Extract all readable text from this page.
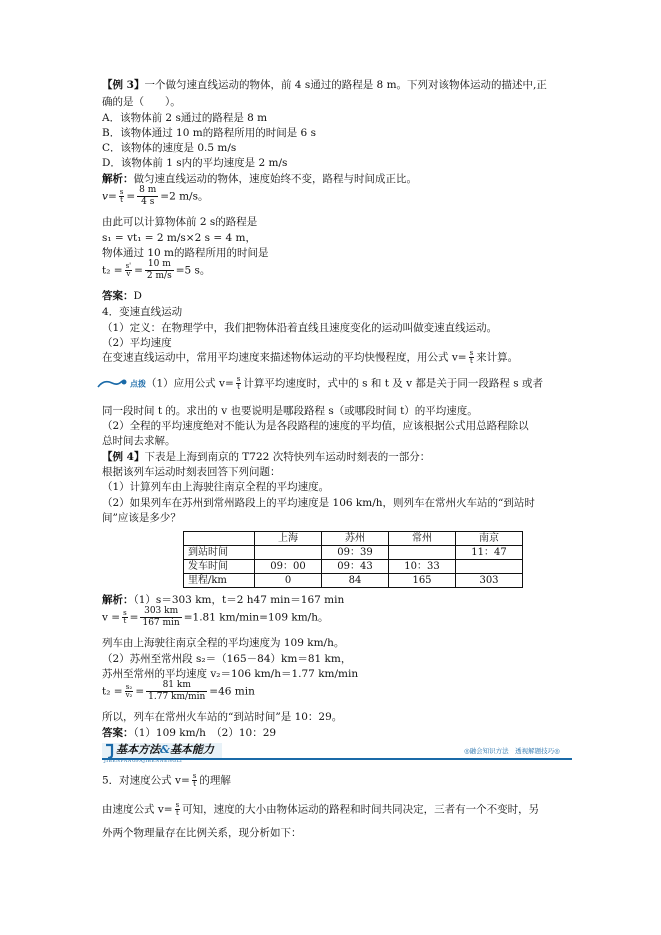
【例 3】一个做匀速直线运动的物体，前 4 s通过的路程是 8 m。下列对该物体运动的描述中,正
确的是（　　）。
A．该物体前 2 s通过的路程是 8 m
B．该物体通过 10 m的路程所用的时间是 6 s
C．该物体的速度是 0.5 m/s
D．该物体前 1 s内的平均速度是 2 m/s
解析：做匀速直线运动的物体，速度始终不变，路程与时间成正比。
$v= \frac{s}{t} = \frac{8 m}{4 s} =2$ m/s。
由此可以计算物体前 2 s的路程是
s₁ = vt₁ = 2 m/s×2 s = 4 m，
物体通过 10 m的路程所用的时间是
$t_2 = \frac{s'}{v} = \frac{10 m}{2 m/s} =5$ s。
答案：D
4．变速直线运动
（1）定义：在物理学中，我们把物体沿着直线且速度变化的运动叫做变速直线运动。
（2）平均速度
在变速直线运动中，常用平均速度来描述物体运动的平均快慢程度，用公式 $v= \frac{s}{t}$ 来计算。
点拨（1）应用公式 $v= \frac{s}{t}$ 计算平均速度时，式中的 s 和 t 及 v 都是关于同一段路程 s 或者
同一段时间 t 的。求出的 v 也要说明是哪段路程 s（或哪段时间 t）的平均速度。
（2）全程的平均速度绝对不能认为是各段路程的速度的平均值，应该根据公式用总路程除以
总时间去求解。
【例 4】下表是上海到南京的 T722 次特快列车运动时刻表的一部分：
根据该列车运动时刻表回答下列问题：
（1）计算列车由上海驶往南京全程的平均速度。
（2）如果列车在苏州到常州路段上的平均速度是 106 km/h，则列车在常州火车站的“到站时
间”应该是多少？
	上海	苏州	常州	南京
到站时间		09：39		11：47
发车时间	09：00	09：43	10：33	
里程/km	0	84	165	303
解析：（1）s＝303 km，t＝2 h47 min＝167 min
$v = \frac{s}{t} = \frac{303 km}{167 \min} =1.81$ km/min=109 km/h。
列车由上海驶往南京全程的平均速度为 109 km/h。
（2）苏州至常州段 s₂＝（165－84）km＝81 km，
苏州至常州的平均速度 v₂＝106 km/h＝1.77 km/min
$t_2 = \frac{\text{s₂}}{\text{v₂}} = \frac{81 km}{1.77 km/\min} =46$ min
所以，列车在常州火车站的“到站时间”是 10：29。
答案：（1）109 km/h　（2）10：29
基本方法&基本能力
JIBENFANGFAJIBENNENGLI
◎融会知识方法　透视解题技巧◎
5．对速度公式 $v= \frac{s}{t}$ 的理解
由速度公式 $v= \frac{s}{t}$ 可知，速度的大小由物体运动的路程和时间共同决定，三者有一个不变时，另
外两个物理量存在比例关系，现分析如下：
